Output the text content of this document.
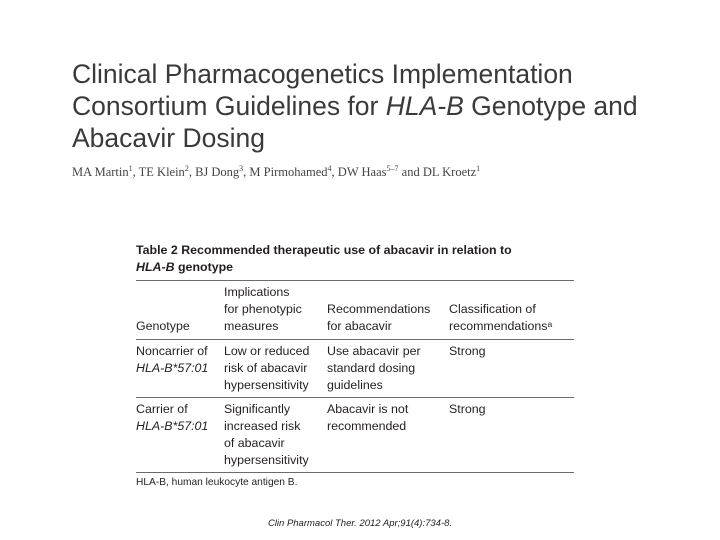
Clinical Pharmacogenetics Implementation
Consortium Guidelines for HLA-B Genotype and
Abacavir Dosing
MA Martin$^1$, TE Klein$^2$, BJ Dong$^3$, M Pirmohamed$^4$, DW Haas$^{5-7}$ and DL Kroetz$^1$
Table 2 Recommended therapeutic use of abacavir in relation to
HLA-B genotype
Genotype
Implications
for phenotypic
measures
Recommendations
for abacavir
Classification of
recommendationsᵃ
Noncarrier of
HLA-B*57:01
Low or reduced
risk of abacavir
hypersensitivity
Use abacavir per
standard dosing
guidelines
Strong
Carrier of
HLA-B*57:01
Significantly
increased risk
of abacavir
hypersensitivity
Abacavir is not
recommended
Strong
HLA-B, human leukocyte antigen B.
Clin Pharmacol Ther. 2012 Apr;91(4):734-8.
